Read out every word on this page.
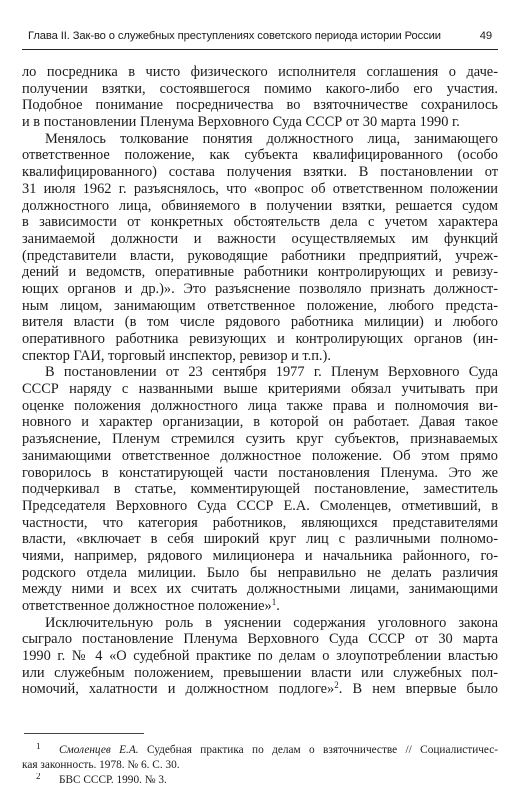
Глава II. Зак-во о служебных преступлениях советского периода истории России	49
ло посредника в чисто физического исполнителя соглашения о даче-
получении взятки, состоявшегося помимо какого-либо его участия.
Подобное понимание посредничества во взяточничестве сохранилось
и в постановлении Пленума Верховного Суда СССР от 30 марта 1990 г.
Менялось толкование понятия должностного лица, занимающего
ответственное положение, как субъекта квалифицированного (особо
квалифицированного) состава получения взятки. В постановлении от
31 июля 1962 г. разъяснялось, что «вопрос об ответственном положении
должностного лица, обвиняемого в получении взятки, решается судом
в зависимости от конкретных обстоятельств дела с учетом характера
занимаемой должности и важности осуществляемых им функций
(представители власти, руководящие работники предприятий, учреж-
дений и ведомств, оперативные работники контролирующих и ревизу-
ющих органов и др.)». Это разъяснение позволяло признать должност-
ным лицом, занимающим ответственное положение, любого предста-
вителя власти (в том числе рядового работника милиции) и любого
оперативного работника ревизующих и контролирующих органов (ин-
спектор ГАИ, торговый инспектор, ревизор и т.п.).
В постановлении от 23 сентября 1977 г. Пленум Верховного Суда
СССР наряду с названными выше критериями обязал учитывать при
оценке положения должностного лица также права и полномочия ви-
новного и характер организации, в которой он работает. Давая такое
разъяснение, Пленум стремился сузить круг субъектов, признаваемых
занимающими ответственное должностное положение. Об этом прямо
говорилось в констатирующей части постановления Пленума. Это же
подчеркивал в статье, комментирующей постановление, заместитель
Председателя Верховного Суда СССР Е.А. Смоленцев, отметивший, в
частности, что категория работников, являющихся представителями
власти, «включает в себя широкий круг лиц с различными полномо-
чиями, например, рядового милиционера и начальника районного, го-
родского отдела милиции. Было бы неправильно не делать различия
между ними и всех их считать должностными лицами, занимающими
ответственное должностное положение»$^1$.
Исключительную роль в уяснении содержания уголовного закона
сыграло постановление Пленума Верховного Суда СССР от 30 марта
1990 г. № 4 «О судебной практике по делам о злоупотреблении властью
или служебным положением, превышении власти или служебных пол-
номочий, халатности и должностном подлоге»$^2$. В нем впервые было
1 Смоленцев Е.А. Судебная практика по делам о взяточничестве // Социалистичес-
кая законность. 1978. № 6. С. 30.
2 БВС СССР. 1990. № 3.
